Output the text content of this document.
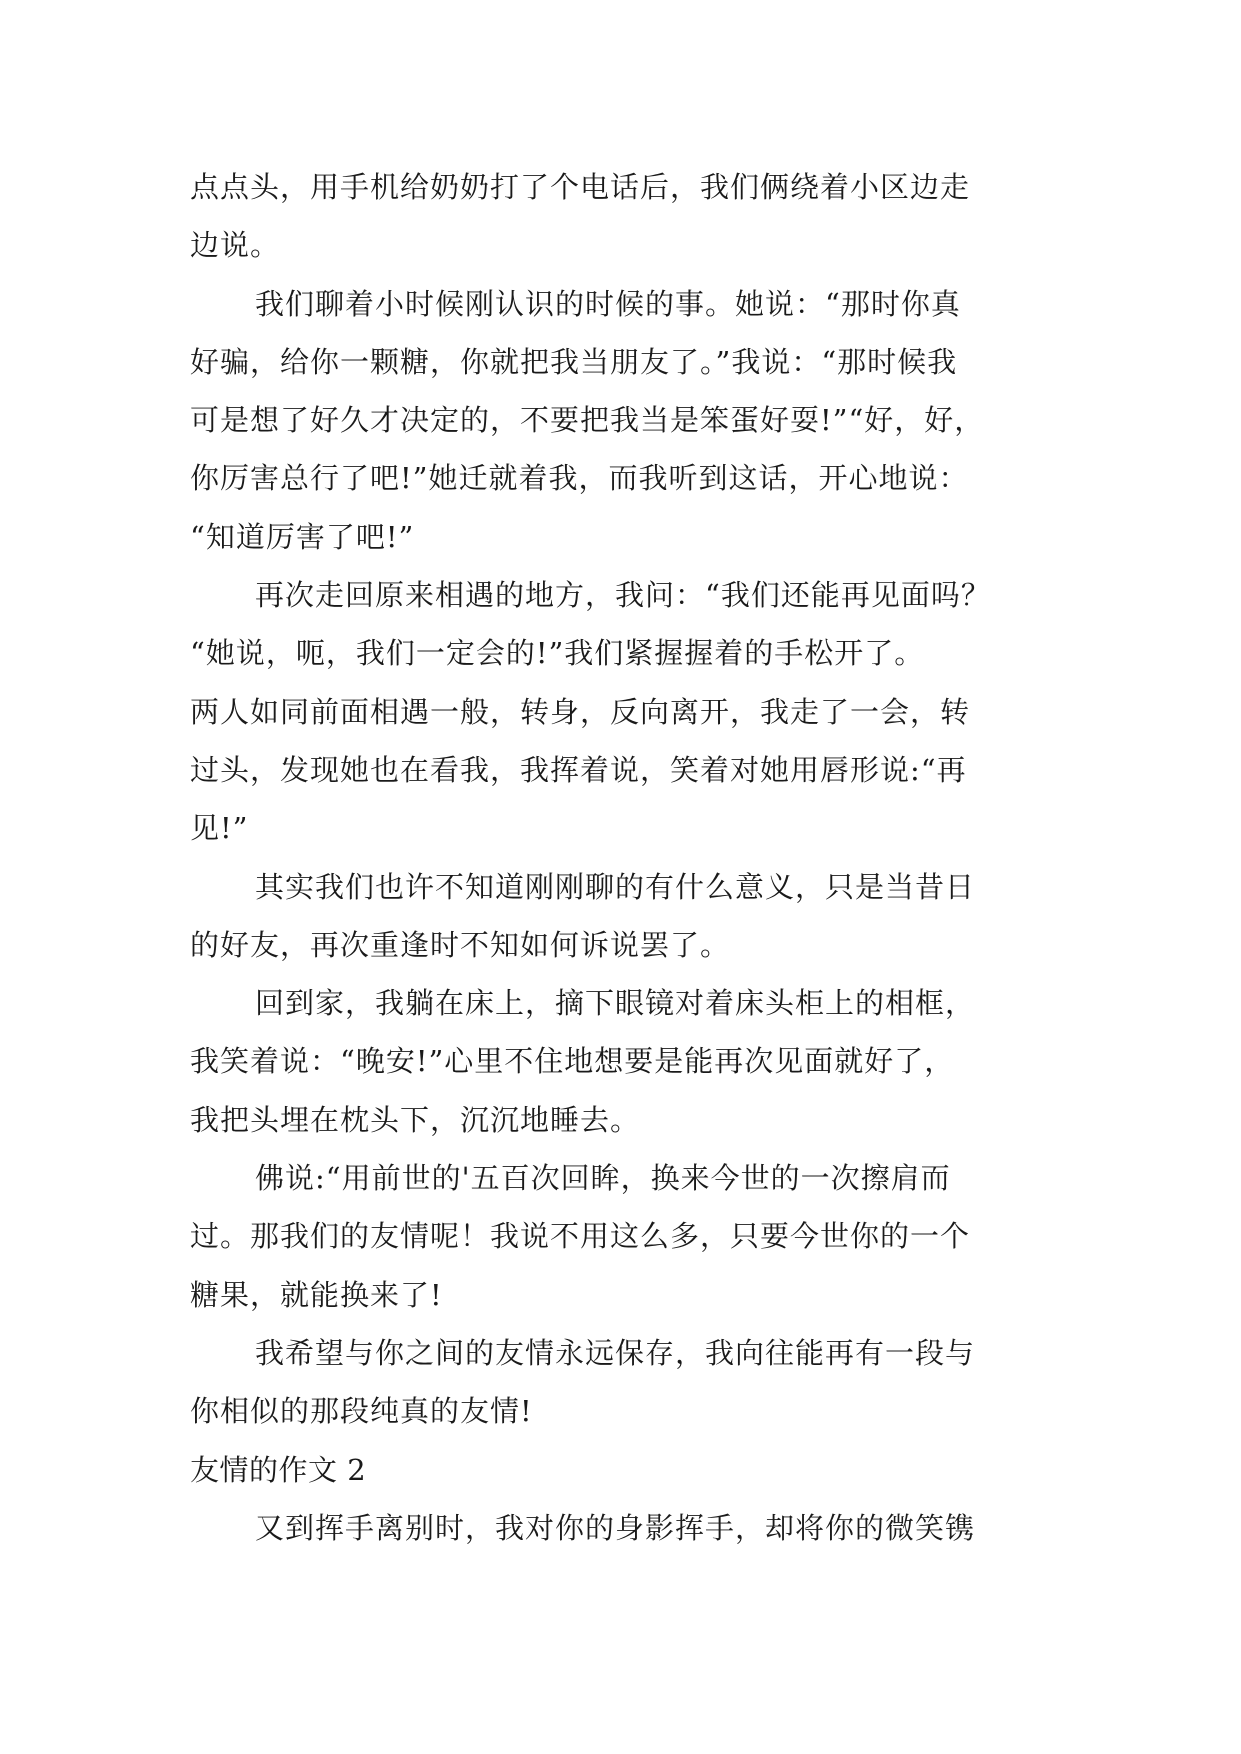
点点头，用手机给奶奶打了个电话后，我们俩绕着小区边走
边说。
我们聊着小时候刚认识的时候的事。她说：“那时你真
好骗，给你一颗糖，你就把我当朋友了。”我说：“那时候我
可是想了好久才决定的，不要把我当是笨蛋好耍!”“好，好，
你厉害总行了吧!”她迁就着我，而我听到这话，开心地说：
“知道厉害了吧!”
再次走回原来相遇的地方，我问：“我们还能再见面吗？
“她说，呃，我们一定会的!”我们紧握握着的手松开了。
两人如同前面相遇一般，转身，反向离开，我走了一会，转
过头，发现她也在看我，我挥着说，笑着对她用唇形说:“再
见!”
其实我们也许不知道刚刚聊的有什么意义，只是当昔日
的好友，再次重逢时不知如何诉说罢了。
回到家，我躺在床上，摘下眼镜对着床头柜上的相框，
我笑着说：“晚安!”心里不住地想要是能再次见面就好了，
我把头埋在枕头下，沉沉地睡去。
佛说:“用前世的'五百次回眸，换来今世的一次擦肩而
过。那我们的友情呢！我说不用这么多，只要今世你的一个
糖果，就能换来了!
我希望与你之间的友情永远保存，我向往能再有一段与
你相似的那段纯真的友情!
友情的作文 2
又到挥手离别时，我对你的身影挥手，却将你的微笑镌
